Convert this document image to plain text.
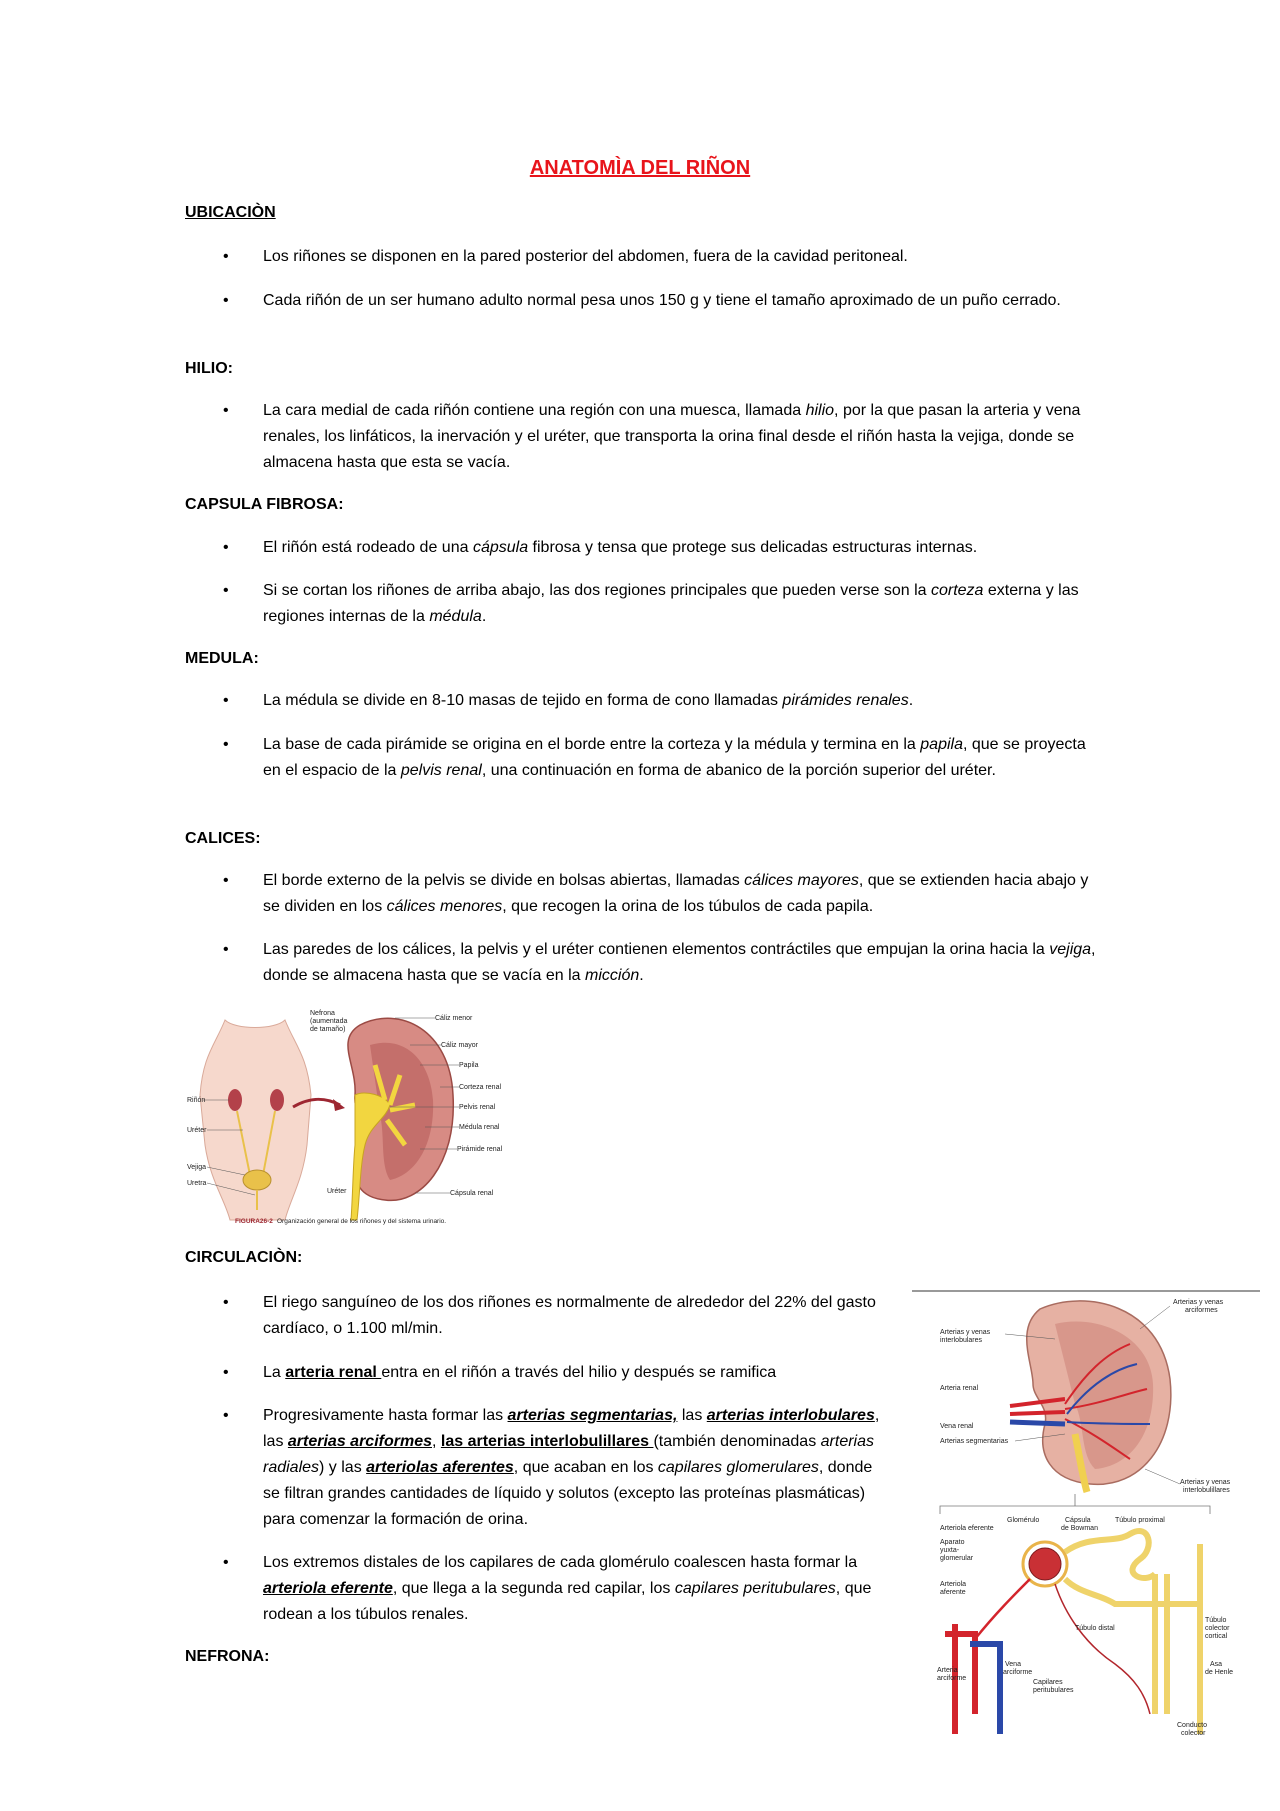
ANATOMÌA DEL RIÑON
UBICACIÒN
• Los riñones se disponen en la pared posterior del abdomen, fuera de la cavidad peritoneal.
• Cada riñón de un ser humano adulto normal pesa unos 150 g y tiene el tamaño aproximado de un puño cerrado.
HILIO:
• La cara medial de cada riñón contiene una región con una muesca, llamada hilio, por la que pasan la arteria y vena renales, los linfáticos, la inervación y el uréter, que transporta la orina final desde el riñón hasta la vejiga, donde se almacena hasta que esta se vacía.
CAPSULA FIBROSA:
• El riñón está rodeado de una cápsula fibrosa y tensa que protege sus delicadas estructuras internas.
• Si se cortan los riñones de arriba abajo, las dos regiones principales que pueden verse son la corteza externa y las regiones internas de la médula.
MEDULA:
• La médula se divide en 8-10 masas de tejido en forma de cono llamadas pirámides renales.
• La base de cada pirámide se origina en el borde entre la corteza y la médula y termina en la papila, que se proyecta en el espacio de la pelvis renal, una continuación en forma de abanico de la porción superior del uréter.
CALICES:
• El borde externo de la pelvis se divide en bolsas abiertas, llamadas cálices mayores, que se extienden hacia abajo y se dividen en los cálices menores, que recogen la orina de los túbulos de cada papila.
• Las paredes de los cálices, la pelvis y el uréter contienen elementos contráctiles que empujan la orina hacia la vejiga, donde se almacena hasta que se vacía en la micción.
Cáliz menor
Cáliz mayor
Papila
Corteza renal
Pelvis renal
Médula renal
Pirámide renal
Cápsula renal
Uréter
Nefrona
(aumentada
de tamaño)
Riñón
Uréter
Vejiga
Uretra
FIGURA26-2 Organización general de los riñones y del sistema urinario.
CIRCULACIÒN:
• El riego sanguíneo de los dos riñones es normalmente de alrededor del 22% del gasto cardíaco, o 1.100 ml/min.
• La arteria renal entra en el riñón a través del hilio y después se ramifica
• Progresivamente hasta formar las arterias segmentarias, las arterias interlobulares, las arterias arciformes, las arterias interlobulillares (también denominadas arterias radiales) y las arteriolas aferentes, que acaban en los capilares glomerulares, donde se filtran grandes cantidades de líquido y solutos (excepto las proteínas plasmáticas) para comenzar la formación de orina.
• Los extremos distales de los capilares de cada glomérulo coalescen hasta formar la arteriola eferente, que llega a la segunda red capilar, los capilares peritubulares, que rodean a los túbulos renales.
NEFRONA:
Arterias y venas
arciformes
Arterias y venas
interlobulares
Arteria renal
Vena renal
Arterias segmentarias
Arterias y venas
interlobulillares
Glomérulo	Cápsula
de Bowman
Túbulo proximal
Arteriola eferente
Aparato
yuxta-
glomerular
Arteriola
aferente
Túbulo distal
Túbulo
colector
cortical
Arteria
arciforme
Vena
arciforme
Capilares
peritubulares
Asa
de Henle
Conducto
colector
